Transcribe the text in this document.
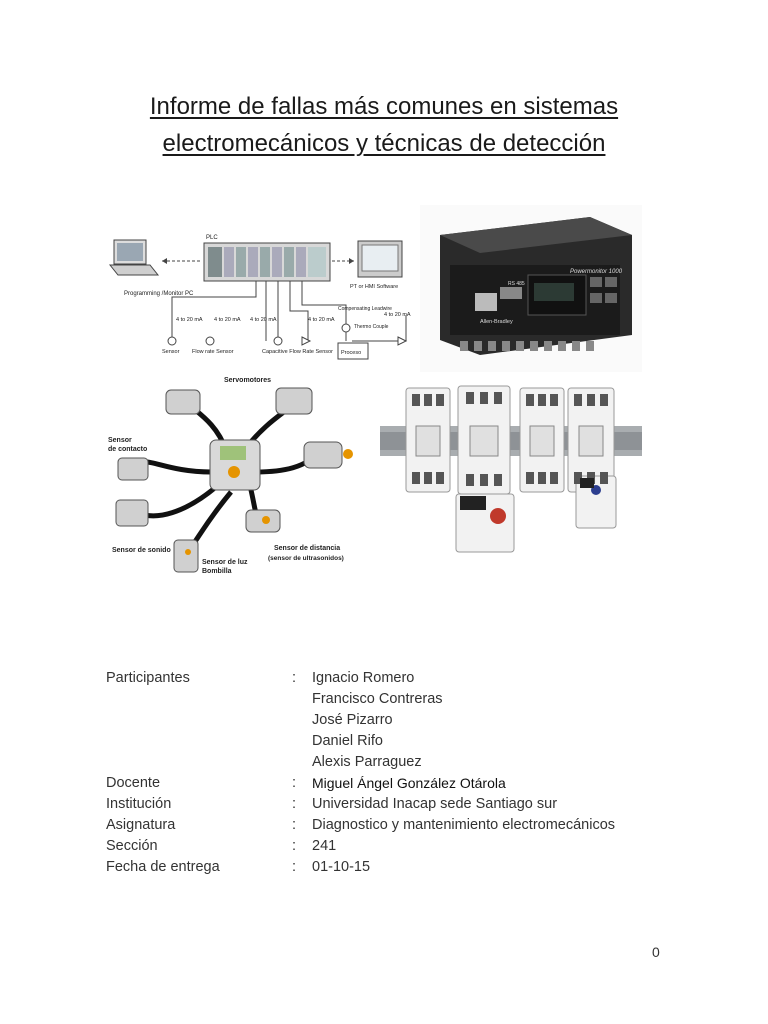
Informe de fallas más comunes en sistemas
electromecánicos y técnicas de detección
Programming /Monitor PC
PLC
PT or HMI Software
4 to 20 mA 4 to 20 mA 4 to 20 mA	4 to 20 mA
4 to 20 mA
Compensating Leadwire
Proceso
Thermo Couple
Sensor Flow rate Sensor	Capacitive Flow Rate Sensor
Powermonitor 1000
Allen-Bradley
RS 485
Servomotores
Sensor
de contacto
Sensor de sonido
Sensor de luz
Bombilla
Sensor de distancia
(sensor de ultrasonidos)
Participantes	:	Ignacio Romero
Francisco Contreras
José Pizarro
Daniel Rifo
Alexis Parraguez
Docente	:	Miguel Ángel González Otárola
Institución	:	Universidad Inacap sede Santiago sur
Asignatura	:	Diagnostico y mantenimiento electromecánicos
Sección	:	241
Fecha de entrega	:	01-10-15
0
